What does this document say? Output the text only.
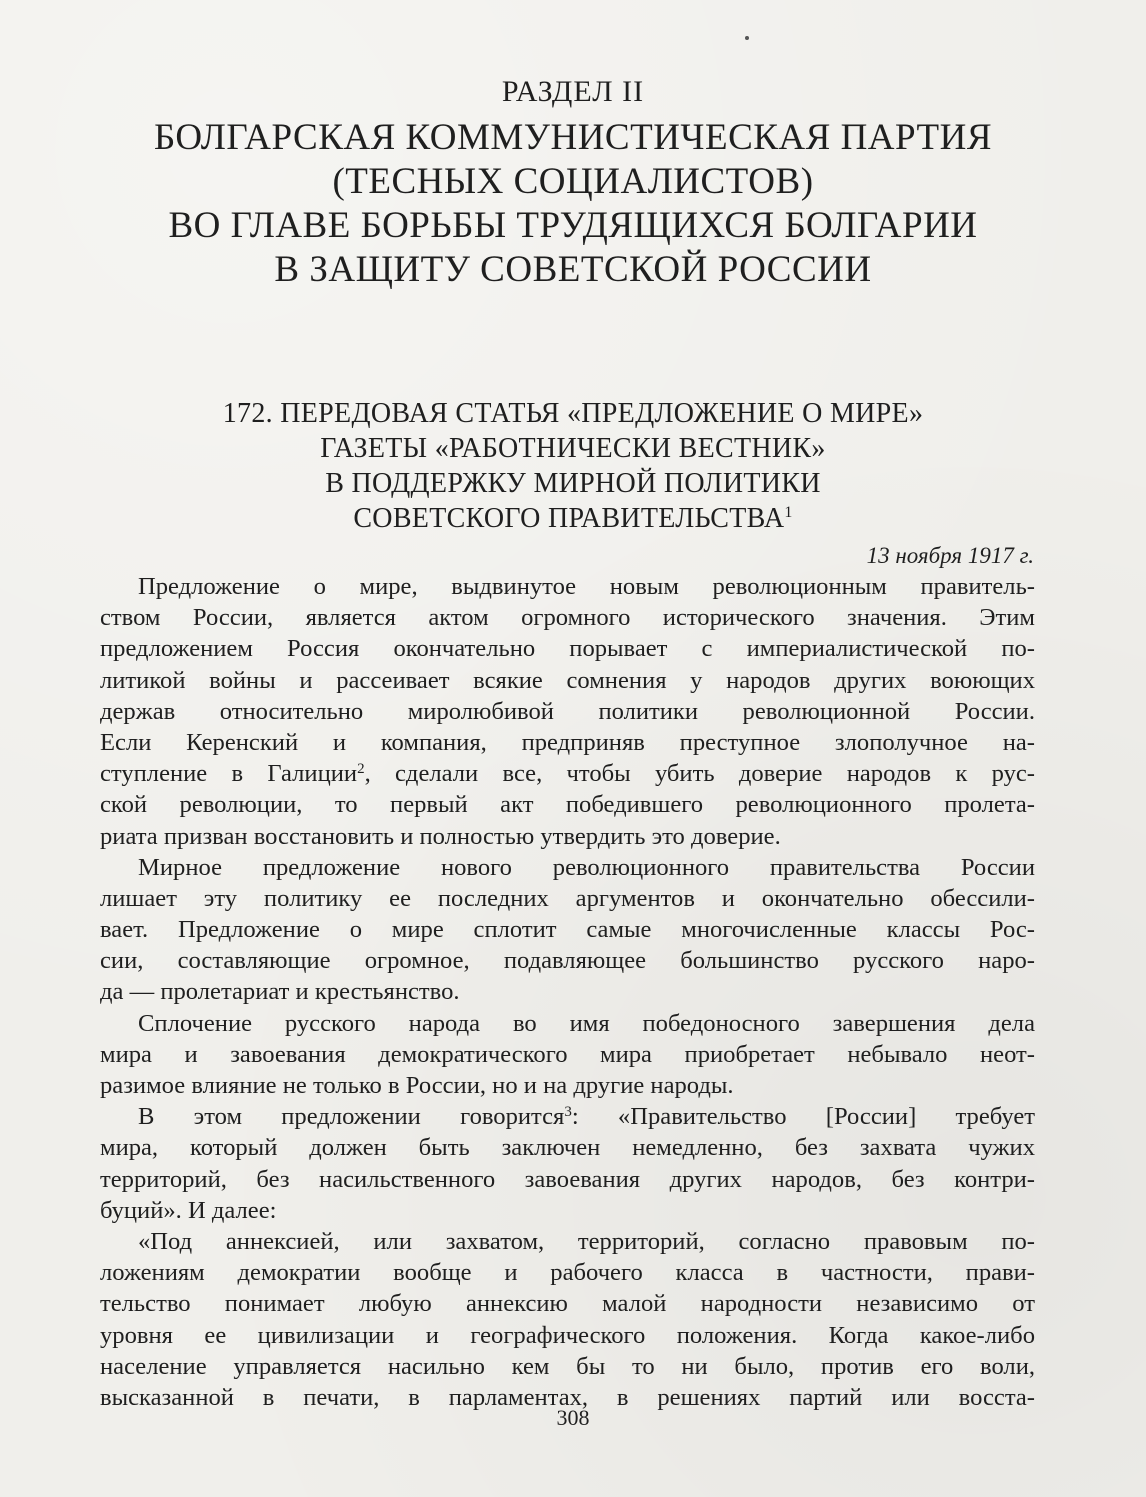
РАЗДЕЛ II
БОЛГАРСКАЯ КОММУНИСТИЧЕСКАЯ ПАРТИЯ
(ТЕСНЫХ СОЦИАЛИСТОВ)
ВО ГЛАВЕ БОРЬБЫ ТРУДЯЩИХСЯ БОЛГАРИИ
В ЗАЩИТУ СОВЕТСКОЙ РОССИИ
172. ПЕРЕДОВАЯ СТАТЬЯ «ПРЕДЛОЖЕНИЕ О МИРЕ»
ГАЗЕТЫ «РАБОТНИЧЕСКИ ВЕСТНИК»
В ПОДДЕРЖКУ МИРНОЙ ПОЛИТИКИ
СОВЕТСКОГО ПРАВИТЕЛЬСТВА$^1$
13 ноября 1917 г.
Предложение о мире, выдвинутое новым революционным правитель-
ством России, является актом огромного исторического значения. Этим
предложением Россия окончательно порывает с империалистической по-
литикой войны и рассеивает всякие сомнения у народов других воюющих
держав относительно миролюбивой политики революционной России.
Если Керенский и компания, предприняв преступное злополучное на-
ступление в Галиции$^2$, сделали все, чтобы убить доверие народов к рус-
ской революции, то первый акт победившего революционного пролета-
риата призван восстановить и полностью утвердить это доверие.
Мирное предложение нового революционного правительства России
лишает эту политику ее последних аргументов и окончательно обессили-
вает. Предложение о мире сплотит самые многочисленные классы Рос-
сии, составляющие огромное, подавляющее большинство русского наро-
да — пролетариат и крестьянство.
Сплочение русского народа во имя победоносного завершения дела
мира и завоевания демократического мира приобретает небывало неот-
разимое влияние не только в России, но и на другие народы.
В этом предложении говорится$^3$: «Правительство [России] требует
мира, который должен быть заключен немедленно, без захвата чужих
территорий, без насильственного завоевания других народов, без контри-
буций». И далее:
«Под аннексией, или захватом, территорий, согласно правовым по-
ложениям демократии вообще и рабочего класса в частности, прави-
тельство понимает любую аннексию малой народности независимо от
уровня ее цивилизации и географического положения. Когда какое-либо
население управляется насильно кем бы то ни было, против его воли,
высказанной в печати, в парламентах, в решениях партий или восста-
308
